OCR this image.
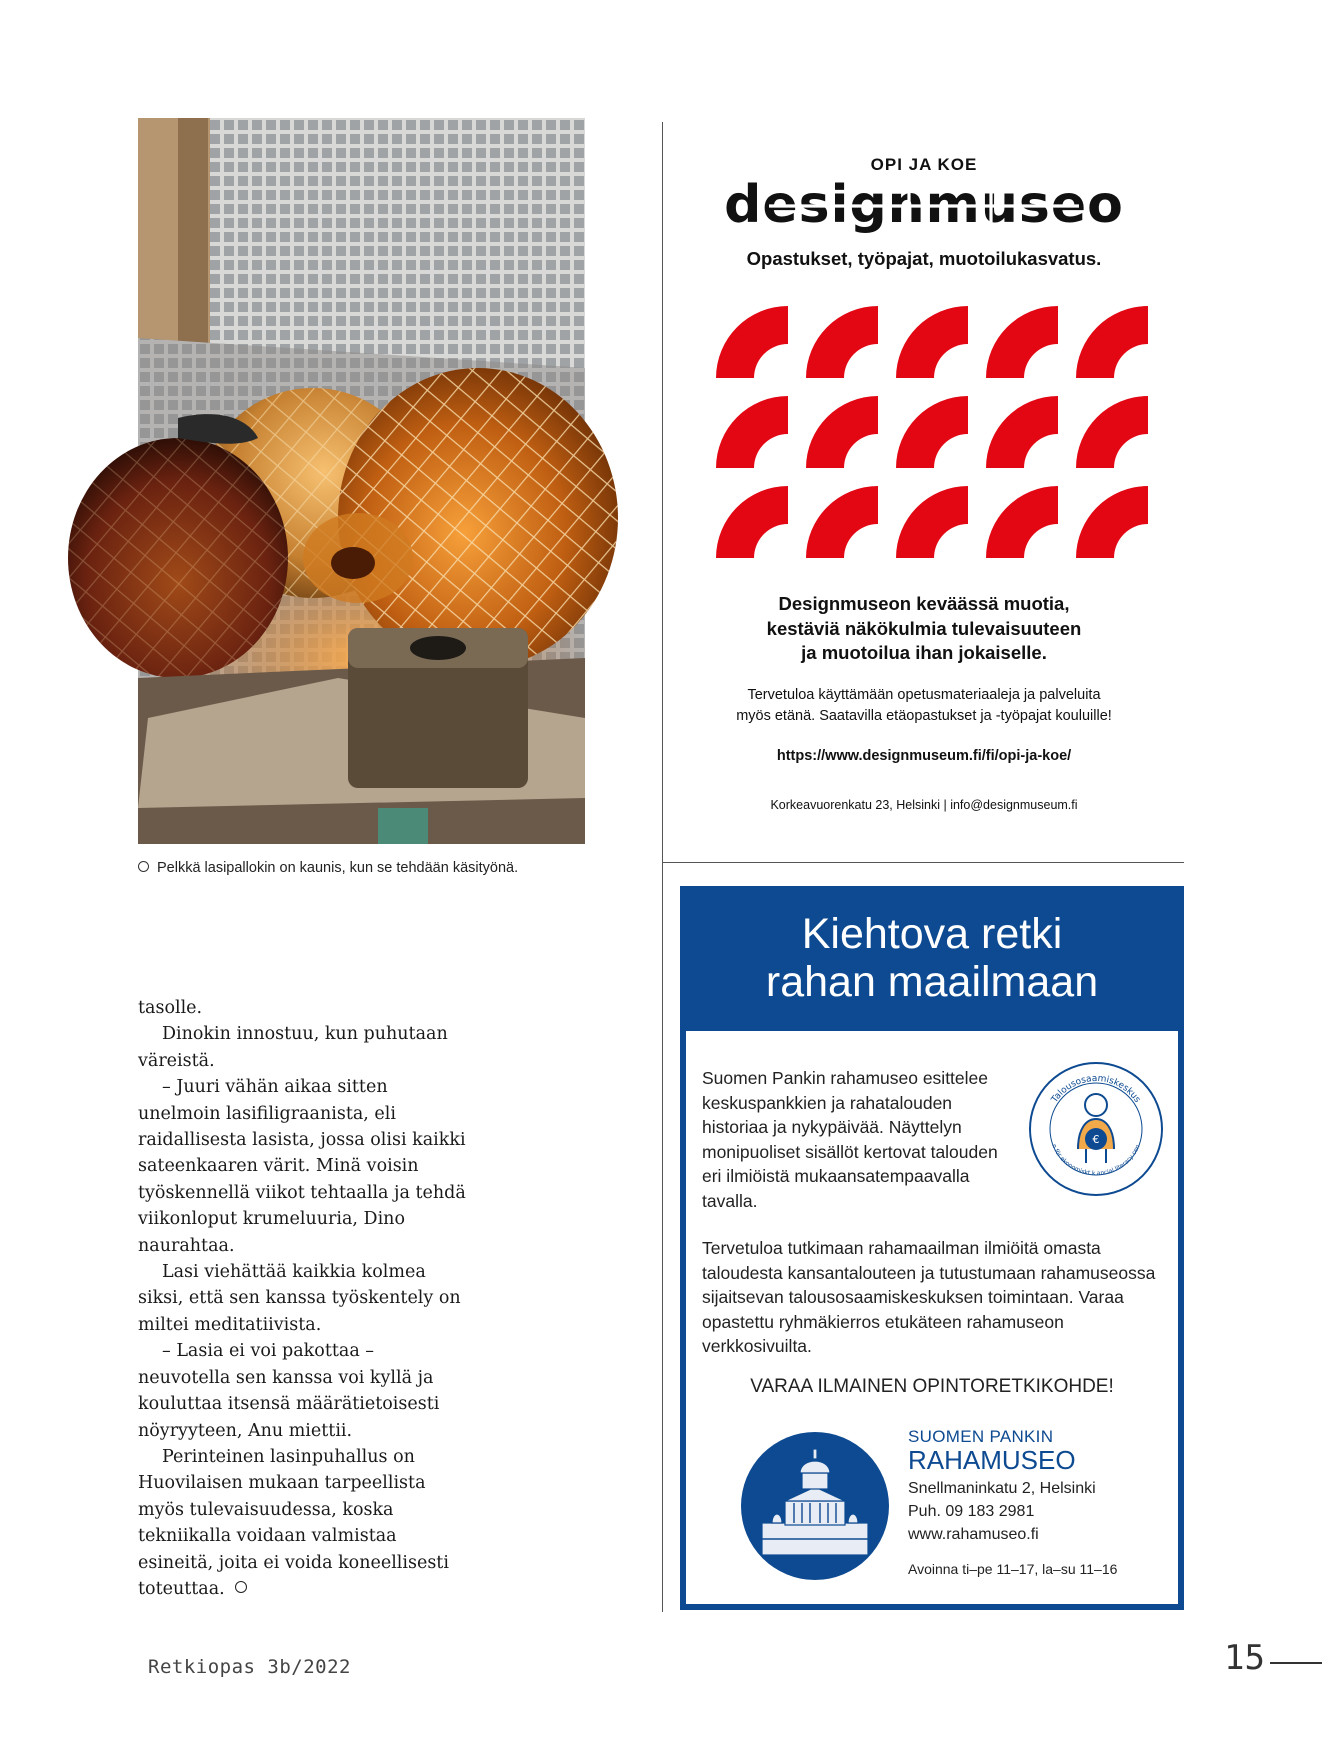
Pelkkä lasipallokin on kaunis, kun se tehdään käsityönä.

tasolle.

Dinokin innostuu, kun puhutaan väreistä.

– Juuri vähän aikaa sitten unelmoin lasifiligraanista, eli raidallisesta lasista, jossa olisi kaikki sateenkaaren värit. Minä voisin työskennellä viikot tehtaalla ja tehdä viikonloput krumeluuria, Dino naurahtaa.

Lasi viehättää kaikkia kolmea siksi, että sen kanssa työskentely on miltei meditatiivista.

– Lasia ei voi pakottaa – neuvotella sen kanssa voi kyllä ja kouluttaa itsensä määrätietoisesti nöyryyteen, Anu miettii.

Perinteinen lasinpuhallus on Huovilaisen mukaan tarpeellista myös tulevaisuudessa, koska tekniikalla voidaan valmistaa esineitä, joita ei voida koneellisesti toteuttaa.

OPI JA KOE
designmuseo
Opastukset, työpajat, muotoilukasvatus.
Designmuseon keväässä muotia,
kestäviä näkökulmia tulevaisuuteen
ja muotoilua ihan jokaiselle.
Tervetuloa käyttämään opetusmateriaaleja ja palveluita
myös etänä. Saatavilla etäopastukset ja -työpajat kouluille!
https://www.designmuseum.fi/fi/opi-ja-koe/
Korkeavuorenkatu 23, Helsinki | info@designmuseum.fi
Kiehtova retki
rahan maailmaan
Suomen Pankin rahamuseo esittelee keskuspankkien ja rahatalouden historiaa ja nykypäivää. Näyttelyn monipuoliset sisällöt kertovat talouden eri ilmiöistä mukaansatempaavalla tavalla.
Talousosaamiskeskus
n för ekonomiskt k ancial literacy cen
€
Tervetuloa tutkimaan rahamaailman ilmiöitä omasta taloudesta kansantalouteen ja tutustumaan rahamuseossa sijaitsevan talousosaamiskeskuksen toimintaan. Varaa opastettu ryhmäkierros etukäteen rahamuseon verkkosivuilta.
VARAA ILMAINEN OPINTORETKIKOHDE!
SUOMEN PANKIN
RAHAMUSEO
Snellmaninkatu 2, Helsinki
Puh. 09 183 2981
www.rahamuseo.fi
Avoinna ti–pe 11–17, la–su 11–16
Retkiopas 3b/2022	15
